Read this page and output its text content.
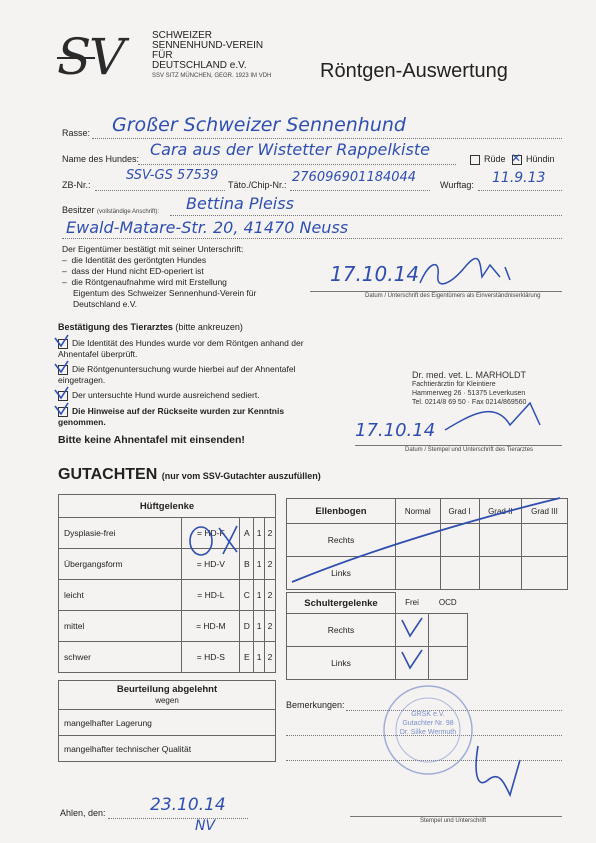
S
V	SCHWEIZER
SENNENHUND-VEREIN
FÜR
DEUTSCHLAND e.V.
SSV SITZ MÜNCHEN, GEGR. 1923 IM VDH Röntgen-Auswertung
Rasse: Großer Schweizer Sennenhund
Name des Hundes: Cara aus der Wistetter Rappelkiste	Rüde ✕ Hündin
ZB-Nr.:
SSV-GS 57539
Täto./Chip-Nr.: 276096901184044	Wurftag: 11.9.13
Besitzer (vollständige Anschrift): Bettina Pleiss
Ewald-Matare-Str. 20, 41470 Neuss
Der Eigentümer bestätigt mit seiner Unterschrift:
–  die Identität des geröntgten Hundes
–  dass der Hund nicht ED-operiert ist
–  die Röntgenaufnahme wird mit Erstellung Eigentum des Schweizer Sennenhund-Verein für Deutschland e.V.
17.10.14
Datum / Unterschrift des Eigentümers als Einverständniserklärung
Bestätigung des Tierarztes (bitte ankreuzen)
Die Identität des Hundes wurde vor dem Röntgen anhand der Ahnentafel überprüft.
Die Röntgenuntersuchung wurde hierbei auf der Ahnentafel eingetragen.
Der untersuchte Hund wurde ausreichend sediert.
Die Hinweise auf der Rückseite wurden zur Kenntnis genommen.
Bitte keine Ahnentafel mit einsenden!
Dr. med. vet. L. MARHOLDT
Fachtierärztin für Kleintiere
Hammerweg 26 · 51375 Leverkusen
Tel. 0214/8 69 50 · Fax 0214/869560
17.10.14
Datum / Stempel und Unterschrift des Tierarztes
GUTACHTEN (nur vom SSV-Gutachter auszufüllen)
Hüftgelenke				
Dysplasie-frei	= HD-F	A	1	2
Übergangsform	= HD-V	B	1	2
leicht	= HD-L	C	1	2
mittel	= HD-M	D	1	2
schwer	= HD-S	E	1	2
Beurteilung abgelehnt
wegen

mangelhafter Lagerung
mangelhafter technischer Qualität
Ellenbogen	Normal	Grad I	Grad II	Grad III
Rechts				
Links				
Schultergelenke	Frei	OCD
Rechts		
Links		
Bemerkungen:
GRSK e.V. Gutachter Nr. 98 Dr. Silke Wermuth
Ahlen, den:	23.10.14
NV	Stempel und Unterschrift
